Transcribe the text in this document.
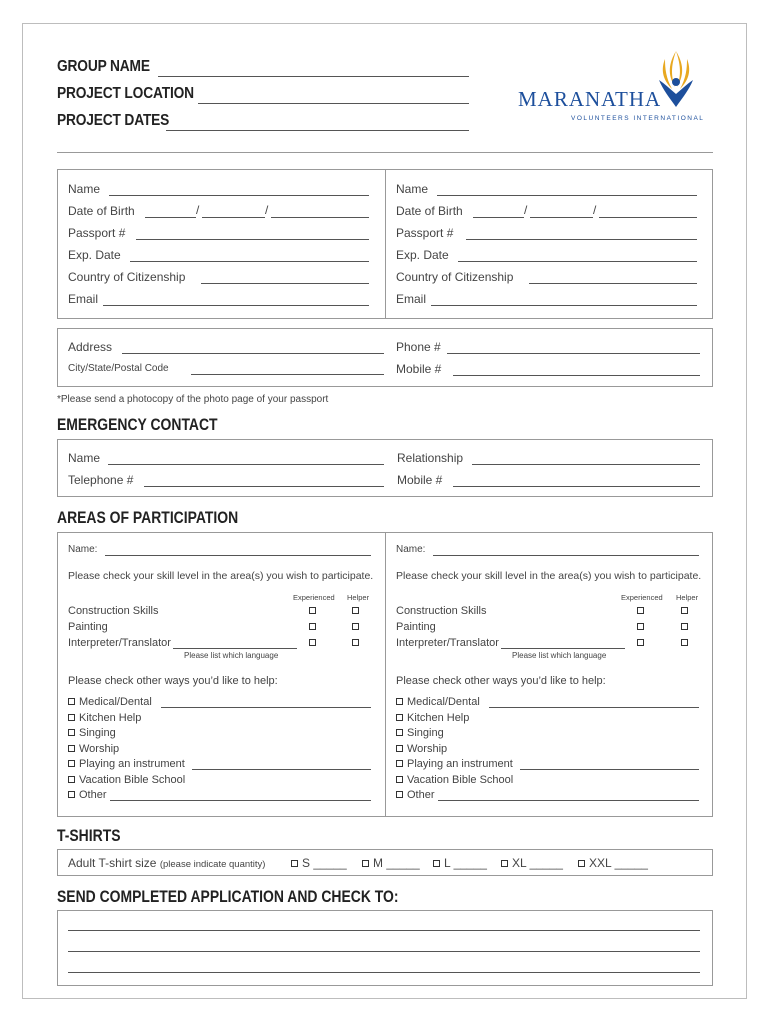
GROUP NAME
PROJECT LOCATION
PROJECT DATES
MARANATHA
VOLUNTEERS INTERNATIONAL
Name
Date of Birth	/	/
Passport #
Exp. Date
Country of Citizenship
Email
Name
Date of Birth	/	/
Passport #
Exp. Date
Country of Citizenship
Email
Address	Phone #
City/State/Postal Code	Mobile #
*Please send a photocopy of the photo page of your passport
EMERGENCY CONTACT
Name	Relationship
Telephone #	Mobile #
AREAS OF PARTICIPATION
Name:
Please check your skill level in the area(s) you wish to participate.
Experienced Helper
Construction Skills
Painting
Interpreter/Translator
Please list which language
Please check other ways you’d like to help:
Medical/Dental
Kitchen Help
Singing
Worship
Playing an instrument
Vacation Bible School
Other
Name:
Please check your skill level in the area(s) you wish to participate.
Experienced Helper
Construction Skills
Painting
Interpreter/Translator
Please list which language
Please check other ways you’d like to help:
Medical/Dental
Kitchen Help
Singing
Worship
Playing an instrument
Vacation Bible School
Other
T-SHIRTS
Adult T-shirt size (please indicate quantity)	S _____	M _____	L _____	XL _____	XXL _____
SEND COMPLETED APPLICATION AND CHECK TO:
